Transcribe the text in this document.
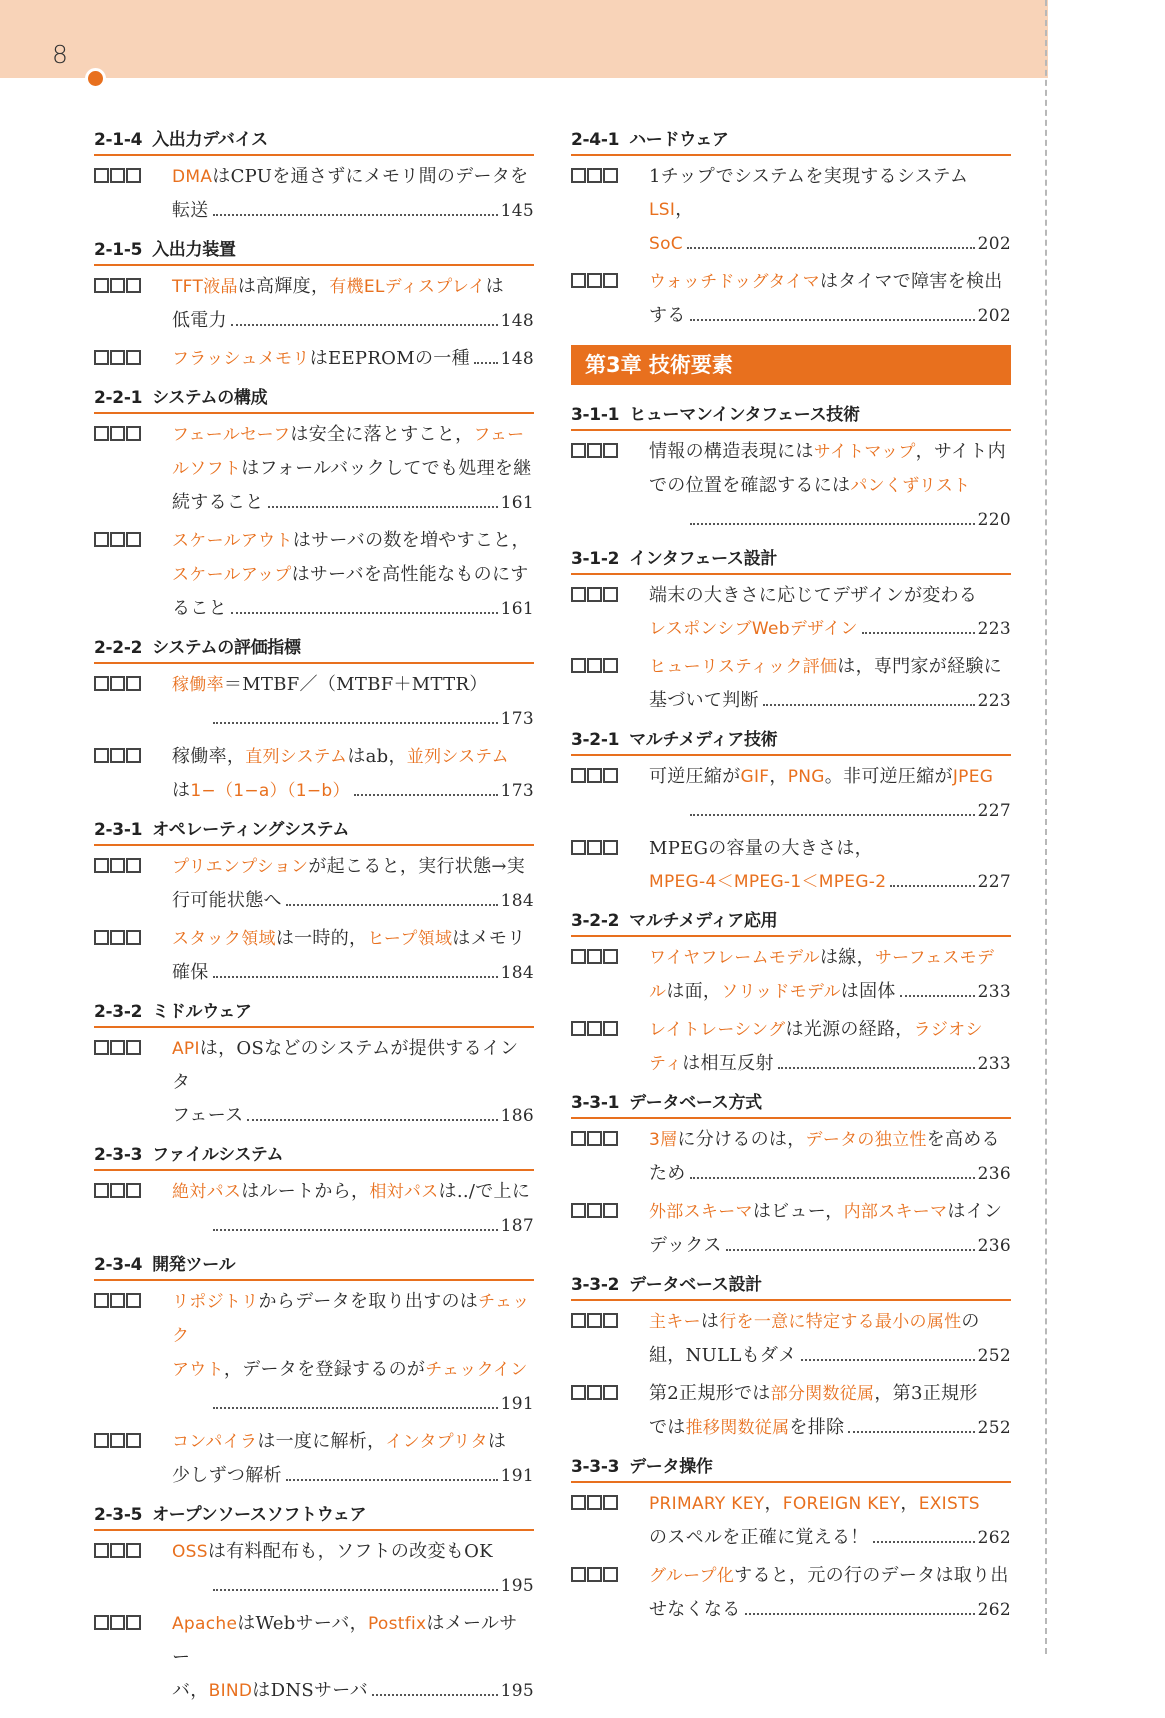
8
2-1-4 入出力デバイス
DMAはCPUを通さずにメモリ間のデータを
転送	145
2-1-5 入出力装置
TFT液晶は高輝度，有機ELディスプレイは
低電力	148
フラッシュメモリはEEPROMの一種 148
2-2-1 システムの構成
フェールセーフは安全に落とすこと，フェー
ルソフトはフォールバックしてでも処理を継
続すること	161
スケールアウトはサーバの数を増やすこと，
スケールアップはサーバを高性能なものにす
ること	161
2-2-2 システムの評価指標
稼働率＝MTBF／（MTBF＋MTTR）

173
稼働率，直列システムはab，並列システム
は1−（1−a）（1−b）	173
2-3-1 オペレーティングシステム
プリエンプションが起こると，実行状態→実
行可能状態へ	184
スタック領域は一時的，ヒープ領域はメモリ
確保	184
2-3-2 ミドルウェア
APIは，OSなどのシステムが提供するインタ
フェース	186
2-3-3 ファイルシステム
絶対パスはルートから，相対パスは../で上に

187
2-3-4 開発ツール
リポジトリからデータを取り出すのはチェック
アウト，データを登録するのがチェックイン

191
コンパイラは一度に解析，インタプリタは
少しずつ解析	191
2-3-5 オープンソースソフトウェア
OSSは有料配布も，ソフトの改変もOK

195
ApacheはWebサーバ，Postfixはメールサー
バ，BINDはDNSサーバ	195
2-4-1 ハードウェア
1チップでシステムを実現するシステムLSI，
SoC	202
ウォッチドッグタイマはタイマで障害を検出
する	202
第3章 技術要素
3-1-1 ヒューマンインタフェース技術
情報の構造表現にはサイトマップ，サイト内
での位置を確認するにはパンくずリスト

220
3-1-2 インタフェース設計
端末の大きさに応じてデザインが変わる
レスポンシブWebデザイン	223
ヒューリスティック評価は，専門家が経験に
基づいて判断	223
3-2-1 マルチメディア技術
可逆圧縮がGIF，PNG。非可逆圧縮がJPEG

227
MPEGの容量の大きさは，
MPEG-4＜MPEG-1＜MPEG-2	227
3-2-2 マルチメディア応用
ワイヤフレームモデルは線，サーフェスモデ
ルは面，ソリッドモデルは固体	233
レイトレーシングは光源の経路，ラジオシ
ティは相互反射	233
3-3-1 データベース方式
3層に分けるのは，データの独立性を高める
ため	236
外部スキーマはビュー，内部スキーマはイン
デックス	236
3-3-2 データベース設計
主キーは行を一意に特定する最小の属性の
組，NULLもダメ	252
第2正規形では部分関数従属，第3正規形
では推移関数従属を排除	252
3-3-3 データ操作
PRIMARY KEY，FOREIGN KEY，EXISTS
のスペルを正確に覚える！	262
グループ化すると，元の行のデータは取り出
せなくなる	262
